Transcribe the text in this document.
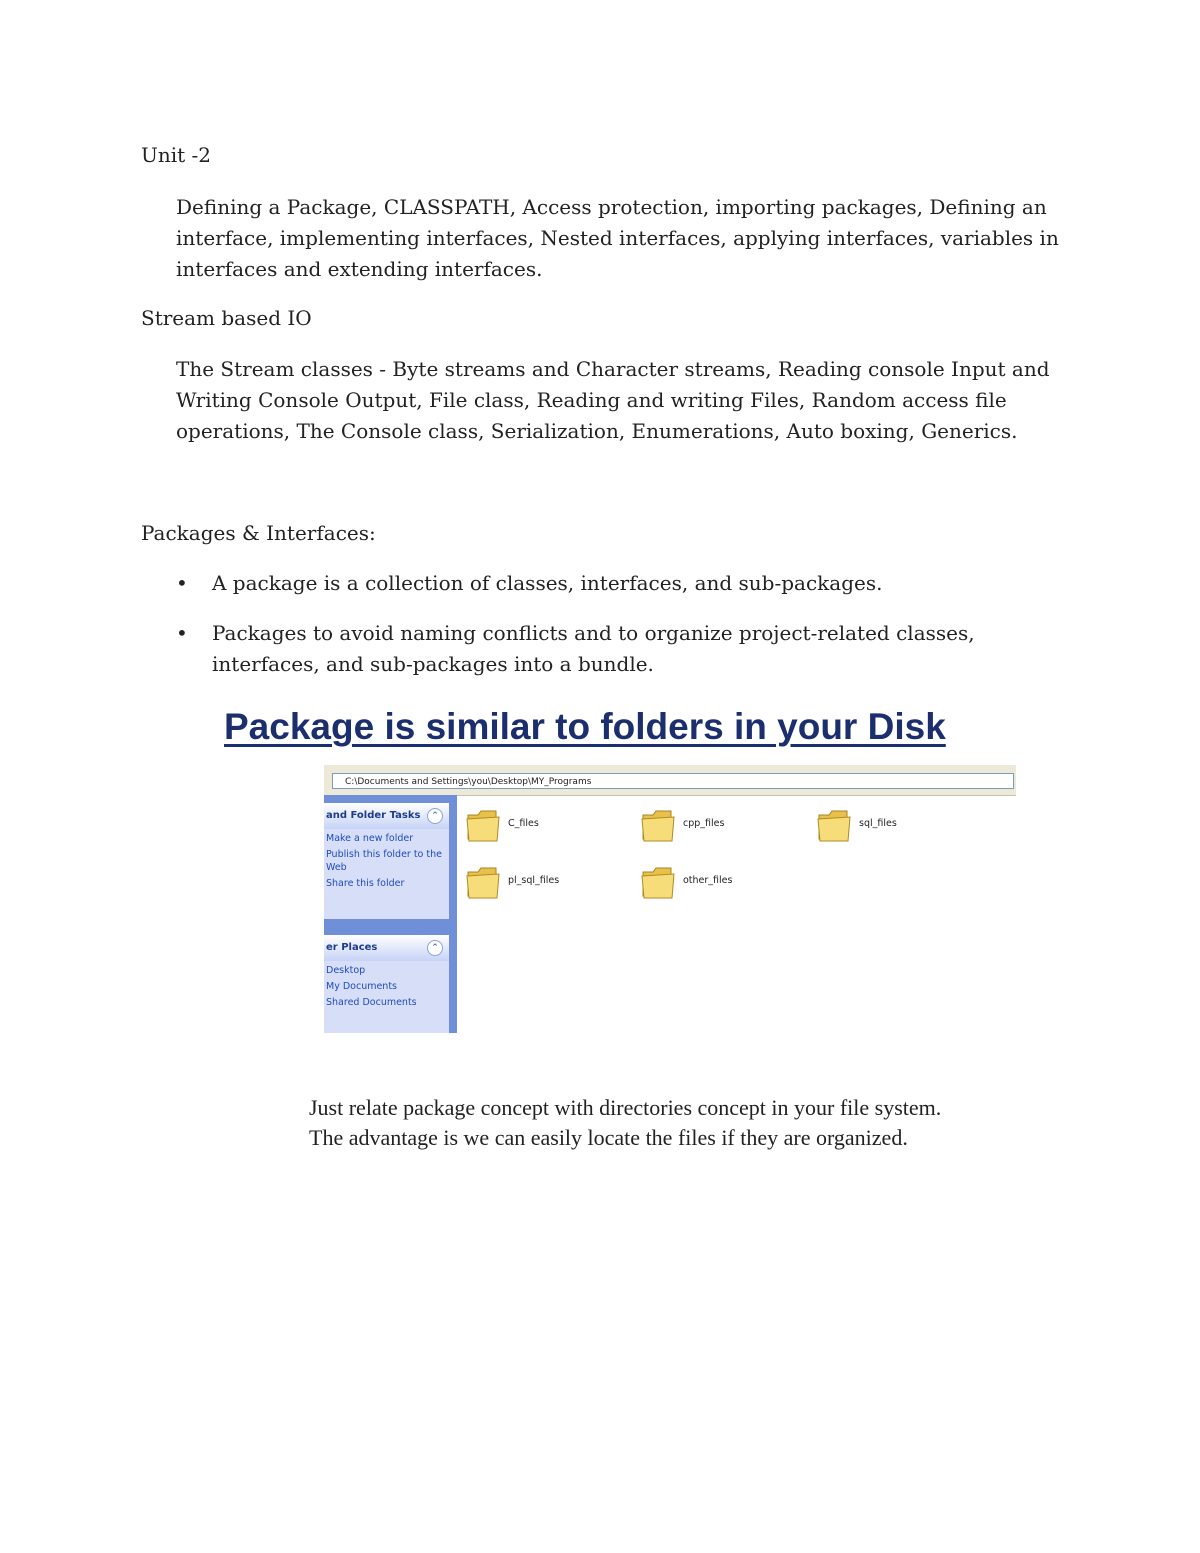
Unit -2
Defining a Package, CLASSPATH, Access protection, importing packages, Defining an interface, implementing interfaces, Nested interfaces, applying interfaces, variables in interfaces and extending interfaces.
Stream based IO
The Stream classes - Byte streams and Character streams, Reading console Input and Writing Console Output, File class, Reading and writing Files, Random access file operations, The Console class, Serialization, Enumerations, Auto boxing, Generics.
Packages & Interfaces:
• A package is a collection of classes, interfaces, and sub-packages.
• Packages to avoid naming conflicts and to organize project-related classes, interfaces, and sub-packages into a bundle.
Package is similar to folders in your Disk
C:\Documents and Settings\you\Desktop\MY_Programs
and Folder Tasks	⌃
Make a new folder
Publish this folder to the Web
Share this folder
er Places	⌃
Desktop
My Documents
Shared Documents
C_files	cpp_files	sql_files
pl_sql_files	other_files
Just relate package concept with directories concept in your file system.
The advantage is we can easily locate the files if they are organized.
